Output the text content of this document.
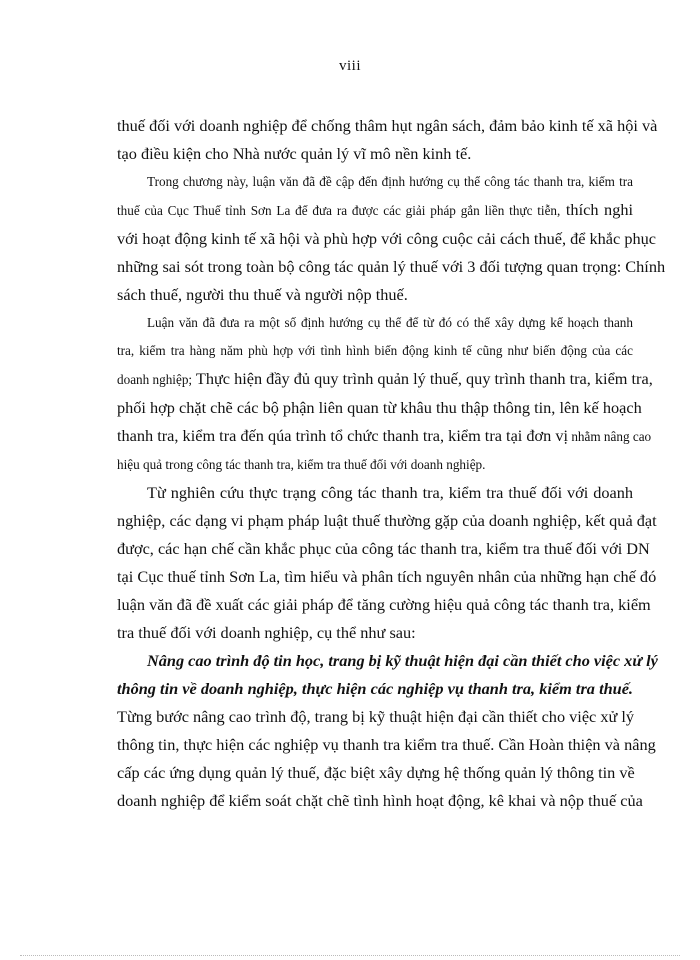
viii
thuế đối với doanh nghiệp để chống thâm hụt ngân sách, đảm bảo kinh tế xã hội và
tạo điều kiện cho Nhà nước quản lý vĩ mô nền kinh tế.
Trong chương này, luận văn đã đề cập đến định hướng cụ thể công tác thanh tra, kiểm tra
thuế của Cục Thuế tỉnh Sơn La để đưa ra được các giải pháp gắn liền thực tiễn, thích nghi
với hoạt động kinh tế xã hội và phù hợp với công cuộc cải cách thuế, để khắc phục
những sai sót trong toàn bộ công tác quản lý thuế với 3 đối tượng quan trọng: Chính
sách thuế, người thu thuế và người nộp thuế.
Luận văn đã đưa ra một số định hướng cụ thể để từ đó có thể xây dựng kế hoạch thanh
tra, kiểm tra hàng năm phù hợp với tình hình biến động kinh tế cũng như biến động của các
doanh nghiệp; Thực hiện đầy đủ quy trình quản lý thuế, quy trình thanh tra, kiểm tra,
phối hợp chặt chẽ các bộ phận liên quan từ khâu thu thập thông tin, lên kế hoạch
thanh tra, kiểm tra đến qúa trình tổ chức thanh tra, kiểm tra tại đơn vị nhằm nâng cao
hiệu quả trong công tác thanh tra, kiểm tra thuế đối với doanh nghiệp.
Từ nghiên cứu thực trạng công tác thanh tra, kiểm tra thuế đối với doanh
nghiệp, các dạng vi phạm pháp luật thuế thường gặp của doanh nghiệp, kết quả đạt
được, các hạn chế cần khắc phục của công tác thanh tra, kiểm tra thuế đối với DN
tại Cục thuế tỉnh Sơn La, tìm hiểu và phân tích nguyên nhân của những hạn chế đó
luận văn đã đề xuất các giải pháp để tăng cường hiệu quả công tác thanh tra, kiểm
tra thuế đối với doanh nghiệp, cụ thể như sau:
Nâng cao trình độ tin học, trang bị kỹ thuật hiện đại cần thiết cho việc xử lý
thông tin về doanh nghiệp, thực hiện các nghiệp vụ thanh tra, kiểm tra thuế.
Từng bước nâng cao trình độ, trang bị kỹ thuật hiện đại cần thiết cho việc xử lý
thông tin, thực hiện các nghiệp vụ thanh tra kiểm tra thuế. Cần Hoàn thiện và nâng
cấp các ứng dụng quản lý thuế, đặc biệt xây dựng hệ thống quản lý thông tin về
doanh nghiệp để kiểm soát chặt chẽ tình hình hoạt động, kê khai và nộp thuế của
